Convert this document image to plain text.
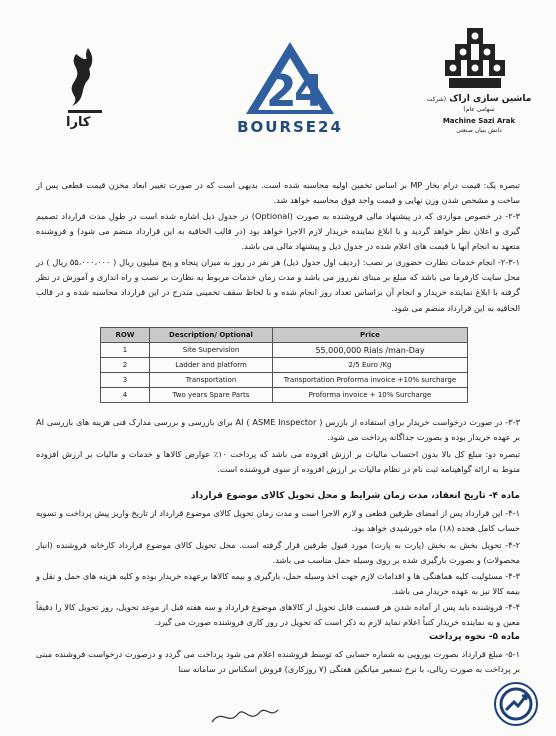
کارا
2
4
BOURSE24
ماشین سازی اراک (شرکت سهامی عام)
Machine Sazi Arak
دانش بنیان صنعتی
تبصره یک: قیمت درام بخار MP بر اساس تخمین اولیه محاسبه شده است. بدیهی است که در صورت تغییر ابعاد مخزن قیمت قطعی پس از ساخت و مشخص شدن وزن نهایی و قیمت واحد فوق محاسبه خواهد شد.
۲-۳- در خصوص مواردی که در پیشنهاد مالی فروشنده به صورت (Optional) در جدول ذیل اشاره شده است در طول مدت قرارداد تصمیم گیری و اعلان نظر خواهد گردید و با ابلاغ نماینده خریدار لازم الاجرا خواهد بود (در قالب الحاقیه به این قرارداد منضم می شود) و فروشنده متعهد به انجام آنها با قیمت های اعلام شده در جدول ذیل و پیشنهاد مالی می باشد.
۲-۳-۱- انجام خدمات نظارت حضوری بر نصب: (ردیف اول جدول ذیل) هر نفر در روز به میزان پنجاه و پنج میلیون ریال ( ۵۵،۰۰۰،۰۰۰ ریال ) در محل سایت کارفرما می باشد که مبلغ بر مبنای نفرروز می باشد و مدت زمان خدمات مربوط به نظارت بر نصب و راه اندازی و آموزش در نظر گرفته با ابلاغ نماینده خریدار و انجام آن براساس تعداد روز انجام شده و با لحاظ سقف تخمینی مندرج در این قرارداد محاسبه شده و در قالب الحاقیه به این قرارداد منضم می شود.
ROW	Description/ Optional	Price
1	Site Supervision	55,000,000 Rials /man-Day
2	Ladder and platform	2/5 Euro /Kg
3	Transportation	Transportation Proforma invoice +10% surcharge
4	Two years Spare Parts	Proforma invoice + 10% Surcharge
۳-۳- در صورت درخواست خریدار برای استفاده از بازرس AI ( ASME Inspector ) برای بازرسی و بررسی مدارک فنی هزینه های بازرسی AI بر عهده خریدار بوده و بصورت جداگانه پرداخت می شود.
تبصره دو: مبلغ کل بالا بدون احتساب مالیات بر ارزش افزوده می باشد که پرداخت ۱۰٪ عوارض کالاها و خدمات و مالیات بر ارزش افزوده منوط به ارائه گواهینامه ثبت نام در نظام مالیات بر ارزش افزوده از سوی فروشنده است.
ماده ۴- تاریخ انعقاد، مدت زمان شرایط و محل تحویل کالای موضوع قرارداد
۴-۱- این قرارداد پس از امضای طرفین قطعی و لازم الاجرا است و مدت زمان تحویل کالای موضوع قرارداد از تاریخ واریز پیش پرداخت و تسویه حساب کامل هجده (۱۸) ماه خورشیدی خواهد بود.
۴-۲- تحویل بخش به بخش (پارت به پارت) مورد قبول طرفین قرار گرفته است. محل تحویل کالای موضوع قرارداد کارخانه فروشنده (انبار محصولات) و بصورت بارگیری شده بر روی وسیله حمل مناسب می باشد.
۴-۳- مسئولیت کلیه هماهنگی ها و اقدامات لازم جهت اخذ وسیله حمل، بارگیری و بیمه کالاها برعهده خریدار بوده و کلیه هزینه های حمل و نقل و بیمه کالا نیز به عهده خریدار می باشد.
۴-۴- فروشنده باید پس از آماده شدن هر قسمت قابل تحویل از کالاهای موضوع قرارداد و سه هفته قبل از موعد تحویل، روز تحویل کالا را دقیقاً معین و به نماینده خریدار کتباً اعلام نماید لازم به ذکر است که تحویل در روز کاری فروشنده صورت می گیرد.
ماده ۵- نحوه پرداخت
۵-۱- مبلغ قرارداد بصورت یورویی به شماره حسابی که توسط فروشنده اعلام می شود پرداخت می گردد و درصورت درخواست فروشنده مبنی بر پرداخت به صورت ریالی، با نرخ تسعیر میانگین هفتگی (۷ روزکاری) فروش اسکناس در سامانه سنا
